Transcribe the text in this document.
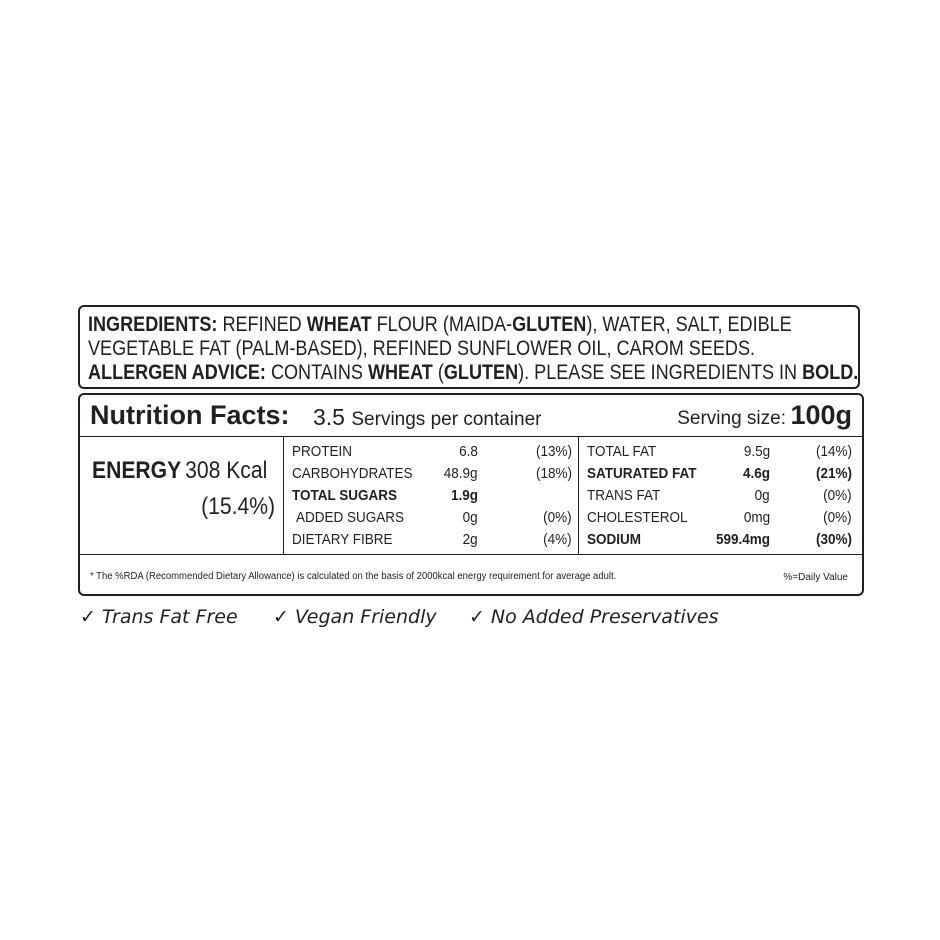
INGREDIENTS: REFINED WHEAT FLOUR (MAIDA-GLUTEN), WATER, SALT, EDIBLE
VEGETABLE FAT (PALM-BASED), REFINED SUNFLOWER OIL, CAROM SEEDS.
ALLERGEN ADVICE: CONTAINS WHEAT (GLUTEN). PLEASE SEE INGREDIENTS IN BOLD.
Nutrition Facts: 3.5 Servings per container	Serving size: 100g
ENERGY 308 Kcal
(15.4%)
PROTEIN	6.8	(13%)
CARBOHYDRATES 48.9g	(18%)
TOTAL SUGARS	1.9g
ADDED SUGARS	0g	(0%)
DIETARY FIBRE	2g	(4%)
TOTAL FAT	9.5g	(14%)
SATURATED FAT	4.6g	(21%)
TRANS FAT	0g	(0%)
CHOLESTEROL	0mg	(0%)
SODIUM	599.4mg	(30%)
* The %RDA (Recommended Dietary Allowance) is calculated on the basis of 2000kcal energy requirement for average adult.	%=Daily Value
✓ Trans Fat Free ✓ Vegan Friendly ✓ No Added Preservatives
